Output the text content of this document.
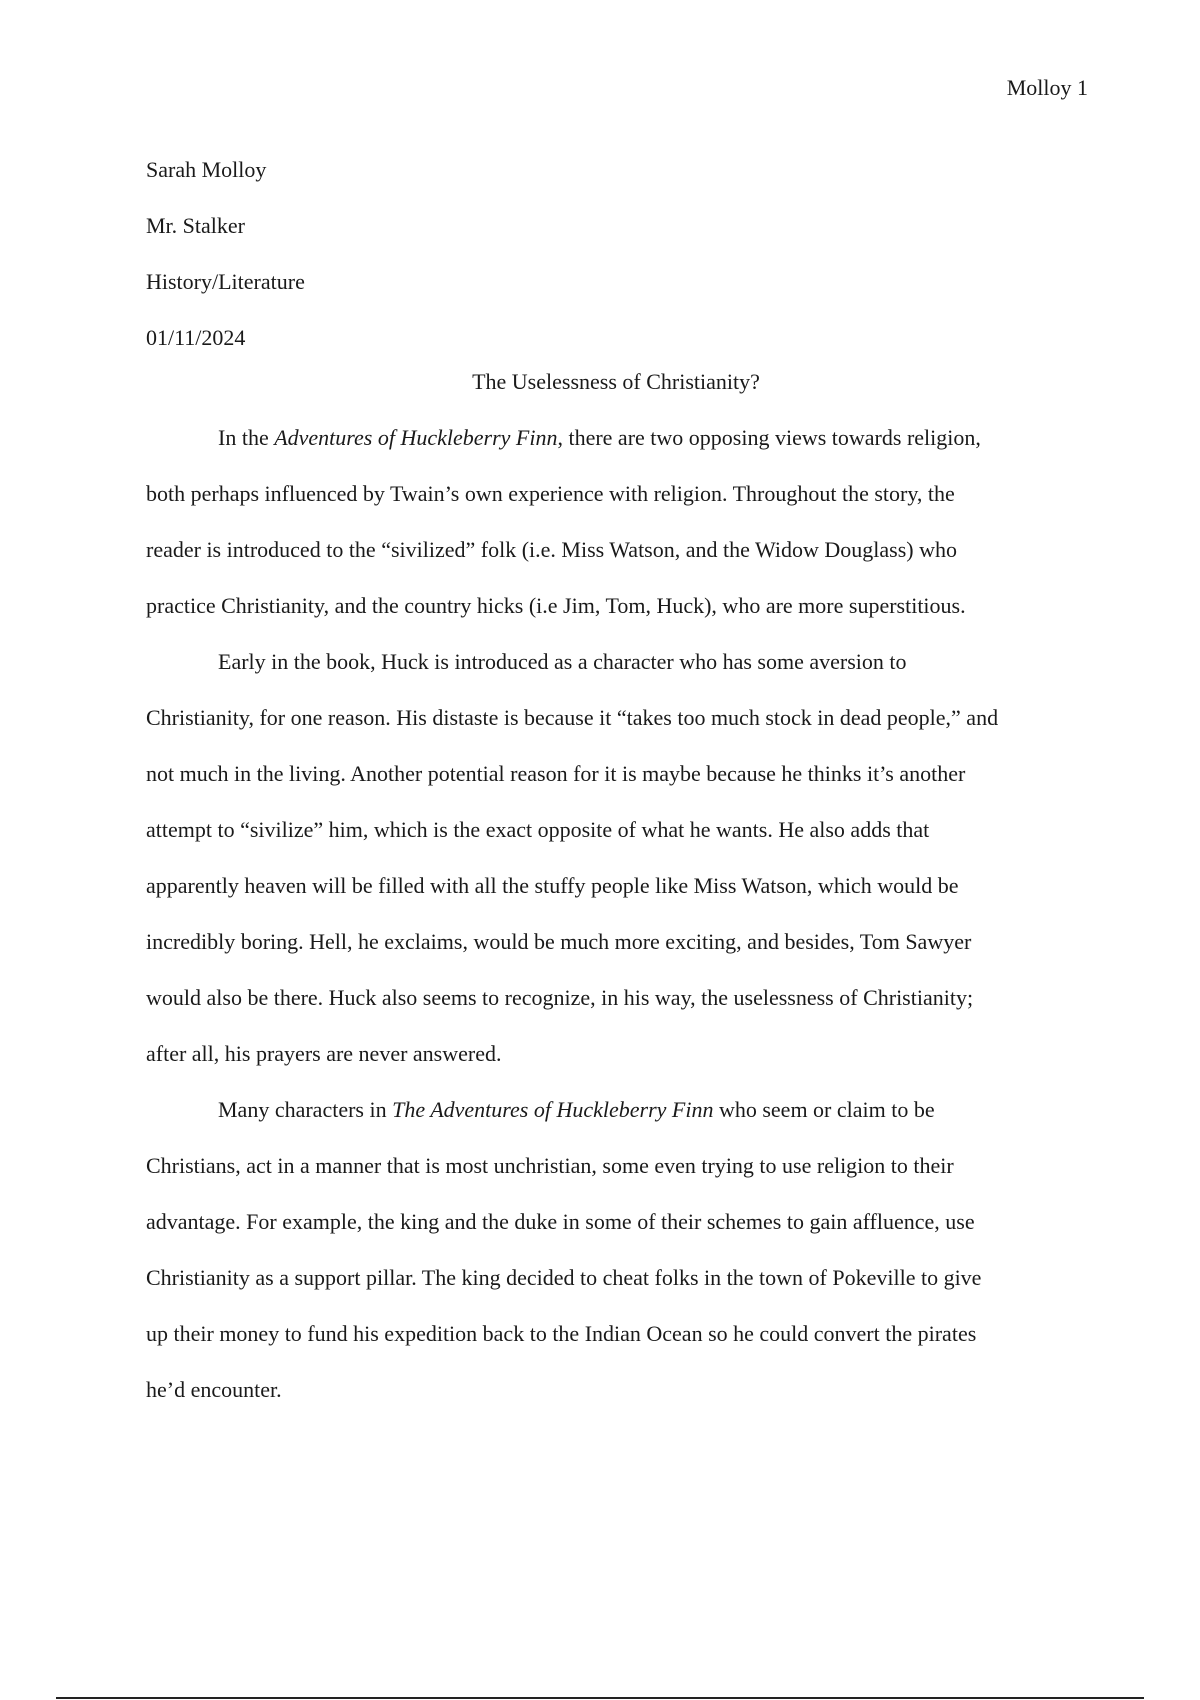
Molloy 1
Sarah Molloy
Mr. Stalker
History/Literature
01/11/2024
The Uselessness of Christianity?
In the Adventures of Huckleberry Finn, there are two opposing views towards religion,
both perhaps influenced by Twain’s own experience with religion. Throughout the story, the
reader is introduced to the “sivilized” folk (i.e. Miss Watson, and the Widow Douglass) who
practice Christianity, and the country hicks (i.e Jim, Tom, Huck), who are more superstitious.
Early in the book, Huck is introduced as a character who has some aversion to
Christianity, for one reason. His distaste is because it “takes too much stock in dead people,” and
not much in the living. Another potential reason for it is maybe because he thinks it’s another
attempt to “sivilize” him, which is the exact opposite of what he wants. He also adds that
apparently heaven will be filled with all the stuffy people like Miss Watson, which would be
incredibly boring. Hell, he exclaims, would be much more exciting, and besides, Tom Sawyer
would also be there. Huck also seems to recognize, in his way, the uselessness of Christianity;
after all, his prayers are never answered.
Many characters in The Adventures of Huckleberry Finn who seem or claim to be
Christians, act in a manner that is most unchristian, some even trying to use religion to their
advantage. For example, the king and the duke in some of their schemes to gain affluence, use
Christianity as a support pillar. The king decided to cheat folks in the town of Pokeville to give
up their money to fund his expedition back to the Indian Ocean so he could convert the pirates
he’d encounter.
